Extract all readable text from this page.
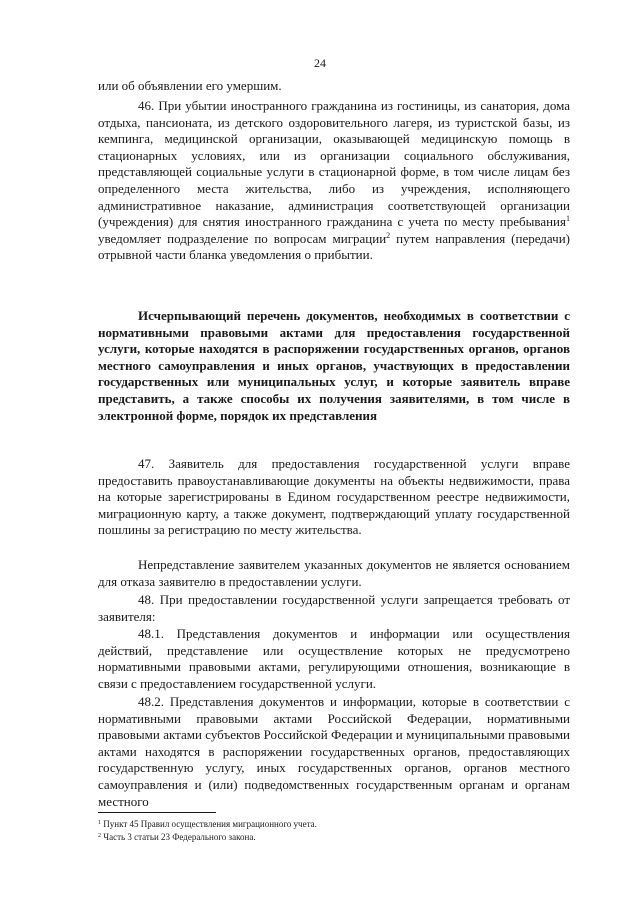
24

или об объявлении его умершим.

46. При убытии иностранного гражданина из гостиницы, из санатория, дома отдыха, пансионата, из детского оздоровительного лагеря, из туристской базы, из кемпинга, медицинской организации, оказывающей медицинскую помощь в стационарных условиях, или из организации социального обслуживания, представляющей социальные услуги в стационарной форме, в том числе лицам без определенного места жительства, либо из учреждения, исполняющего административное наказание, администрация соответствующей организации (учреждения) для снятия иностранного гражданина с учета по месту пребывания$^1$ уведомляет подразделение по вопросам миграции$^2$ путем направления (передачи) отрывной части бланка уведомления о прибытии.

Исчерпывающий перечень документов, необходимых в соответствии с нормативными правовыми актами для предоставления государственной услуги, которые находятся в распоряжении государственных органов, органов местного самоуправления и иных органов, участвующих в предоставлении государственных или муниципальных услуг, и которые заявитель вправе представить, а также способы их получения заявителями, в том числе в электронной форме, порядок их представления

47. Заявитель для предоставления государственной услуги вправе предоставить правоустанавливающие документы на объекты недвижимости, права на которые зарегистрированы в Едином государственном реестре недвижимости, миграционную карту, а также документ, подтверждающий уплату государственной пошлины за регистрацию по месту жительства.

Непредставление заявителем указанных документов не является основанием для отказа заявителю в предоставлении услуги.

48. При предоставлении государственной услуги запрещается требовать от заявителя:

48.1. Представления документов и информации или осуществления действий, представление или осуществление которых не предусмотрено нормативными правовыми актами, регулирующими отношения, возникающие в связи с предоставлением государственной услуги.

48.2. Представления документов и информации, которые в соответствии с нормативными правовыми актами Российской Федерации, нормативными правовыми актами субъектов Российской Федерации и муниципальными правовыми актами находятся в распоряжении государственных органов, предоставляющих государственную услугу, иных государственных органов, органов местного самоуправления и (или) подведомственных государственным органам и органам местного

$^1$ Пункт 45 Правил осуществления миграционного учета.

$^2$ Часть 3 статьи 23 Федерального закона.
